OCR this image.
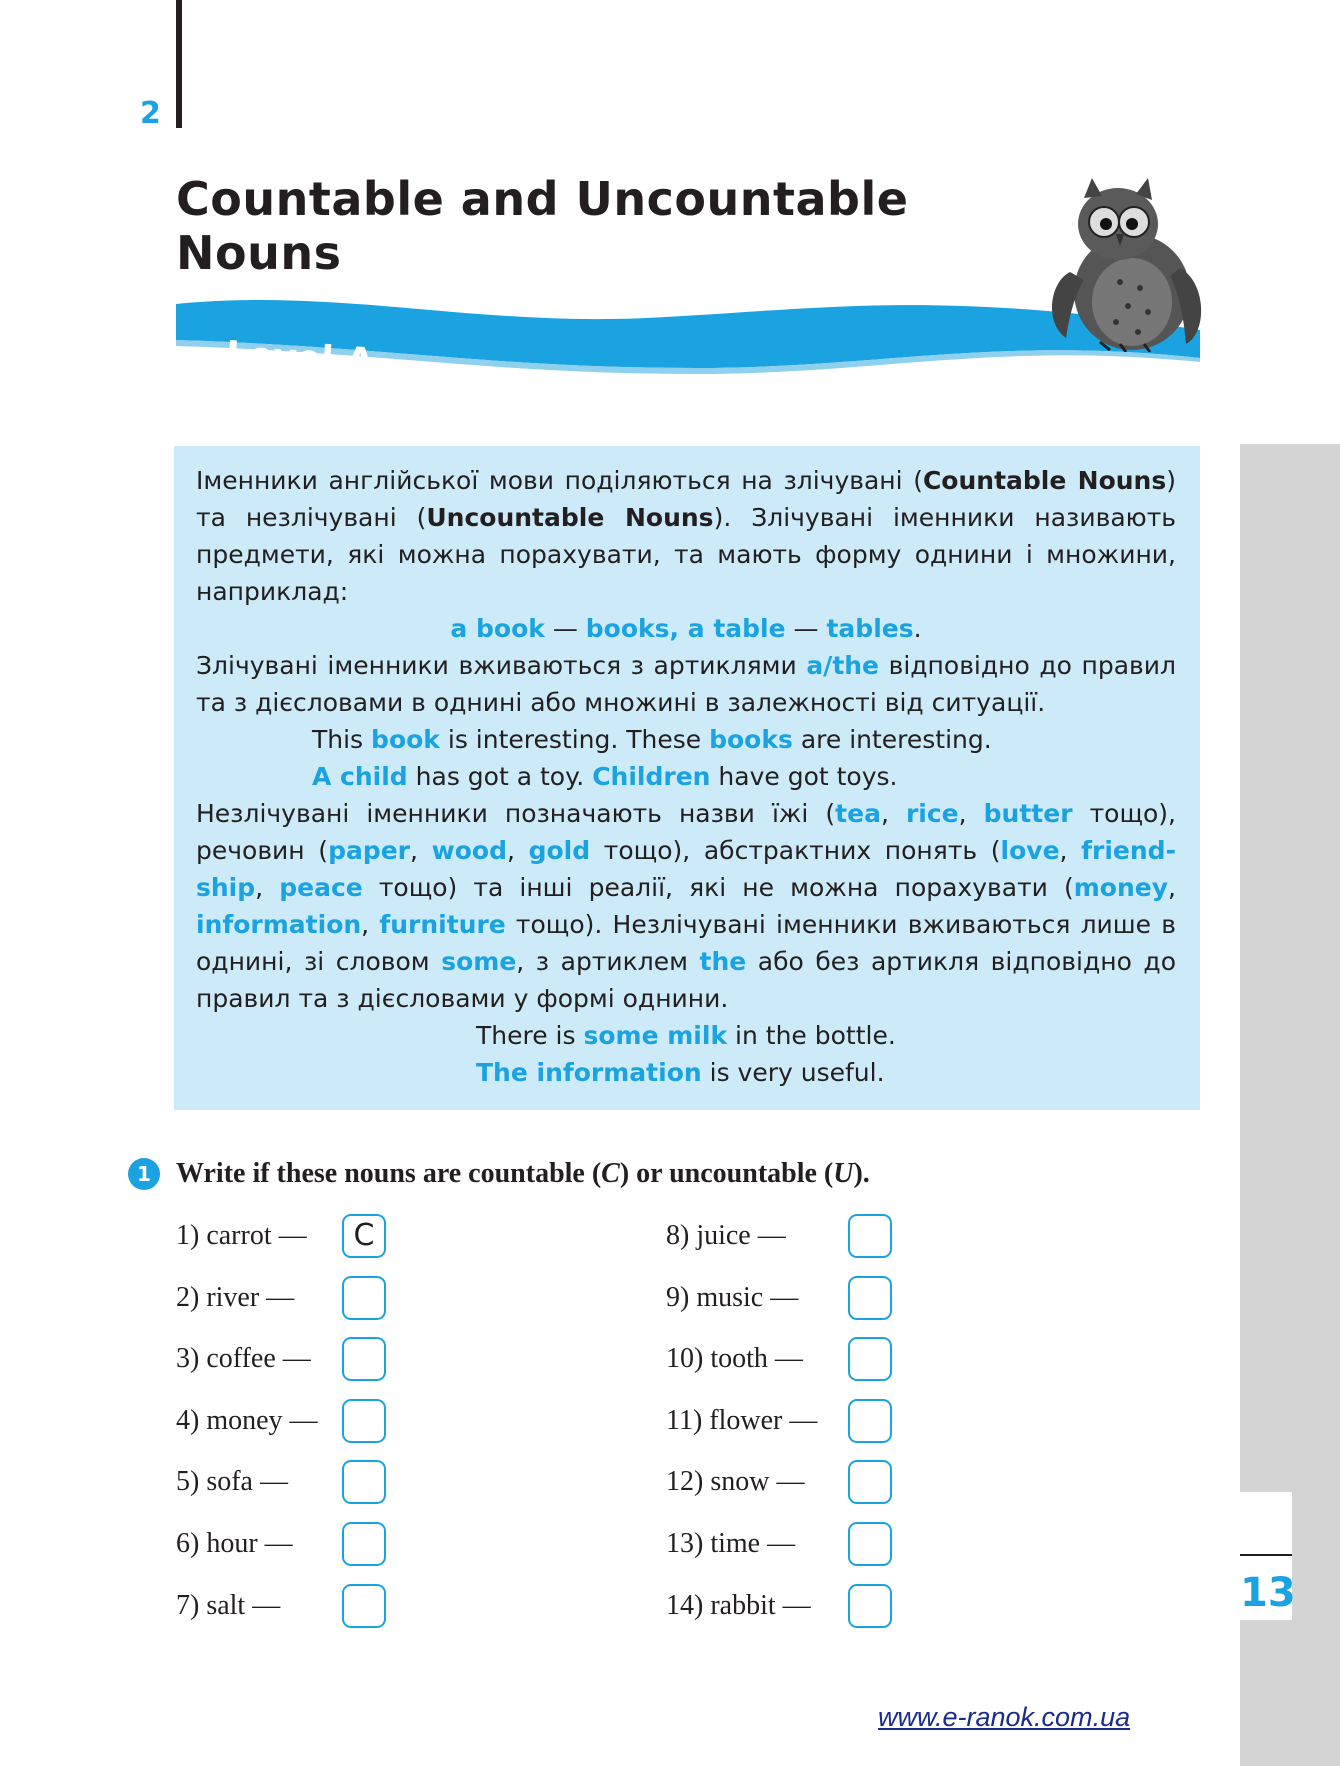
2
Countable and Uncountable
Nouns
Level A
13

Іменники англійської мови поділяються на злічувані (Countable Nouns) та незлічувані (Uncountable Nouns). Злічувані іменники називають предмети, які можна порахувати, та мають форму однини і множини, наприклад:

a book — books, a table — tables.

Злічувані іменники вживаються з артиклями a/the відповідно до правил та з дієсловами в однині або множині в залежності від ситуації.

This book is interesting. These books are interesting.

A child has got a toy. Children have got toys.

Незлічувані іменники позначають назви їжі (tea, rice, butter тощо), речовин (paper, wood, gold тощо), абстрактних понять (love, friendship, peace тощо) та інші реалії, які не можна порахувати (money, information, furniture тощо). Незлічувані іменники вживаються лише в однині, зі словом some, з артиклем the або без артикля відповідно до правил та з дієсловами у формі однини.

There is some milk in the bottle.

The information is very useful.

1 Write if these nouns are countable ( C ) or uncountable ( U ).
1) carrot —	C
2) river —
3) coffee —
4) money —
5) sofa —
6) hour —
7) salt —
8) juice —
9) music —
10) tooth —
11) flower —
12) snow —
13) time —
14) rabbit —
www.e-ranok.com.ua
